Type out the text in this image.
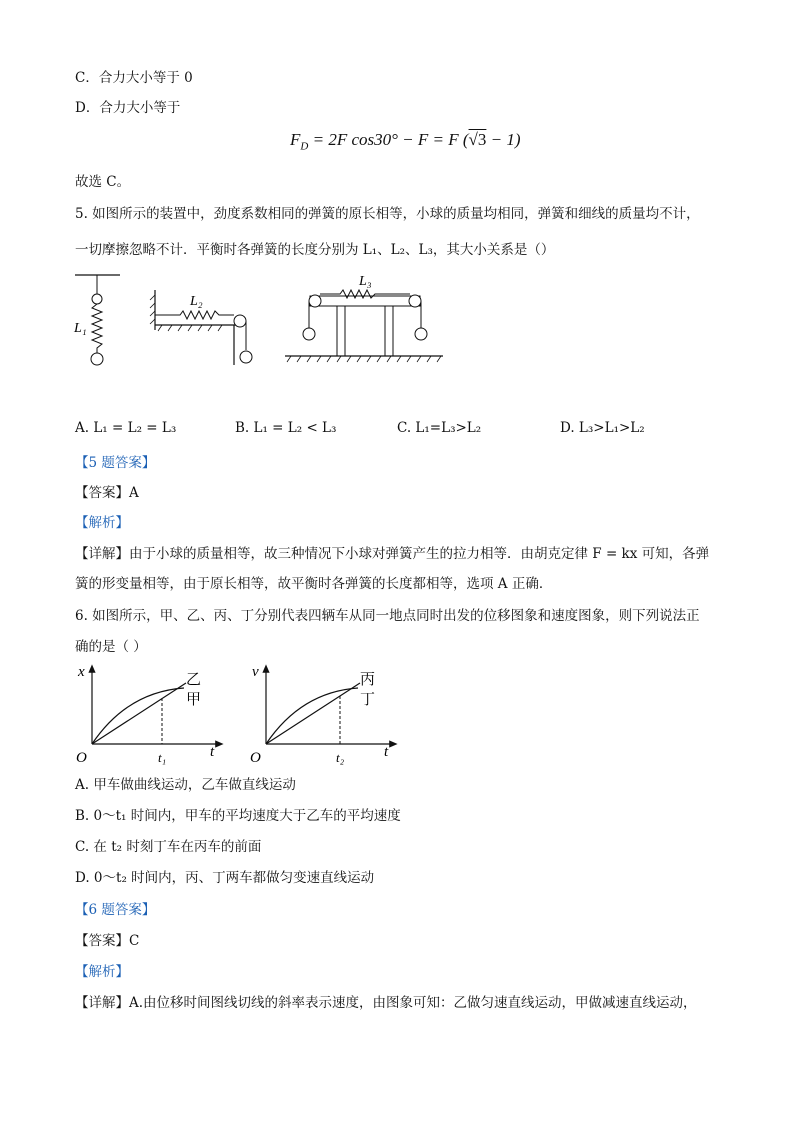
C．合力大小等于 0
D．合力大小等于
$F_D = 2F$ cos30° − F = F (√3 − 1)
故选 C。
5. 如图所示的装置中，劲度系数相同的弹簧的原长相等，小球的质量均相同，弹簧和细线的质量均不计，
一切摩擦忽略不计．平衡时各弹簧的长度分别为 L₁、L₂、L₃，其大小关系是（）
L₁
L₂
L₃
A. L₁ = L₂ = L₃	B. L₁ = L₂ < L₃	C. L₁=L₃>L₂	D. L₃>L₁>L₂
【5 题答案】
【答案】A
【解析】
【详解】由于小球的质量相等，故三种情况下小球对弹簧产生的拉力相等．由胡克定律 F = kx 可知，各弹
簧的形变量相等，由于原长相等，故平衡时各弹簧的长度都相等，选项 A 正确．
6. 如图所示，甲、乙、丙、丁分别代表四辆车从同一地点同时出发的位移图象和速度图象，则下列说法正
确的是（ ）
x
t
O	t₁
乙
甲
v
t
O	t₂
丙
丁
A. 甲车做曲线运动，乙车做直线运动
B. 0～t₁ 时间内，甲车的平均速度大于乙车的平均速度
C. 在 t₂ 时刻丁车在丙车的前面
D. 0～t₂ 时间内，丙、丁两车都做匀变速直线运动
【6 题答案】
【答案】C
【解析】
【详解】A.由位移时间图线切线的斜率表示速度，由图象可知：乙做匀速直线运动，甲做减速直线运动，
